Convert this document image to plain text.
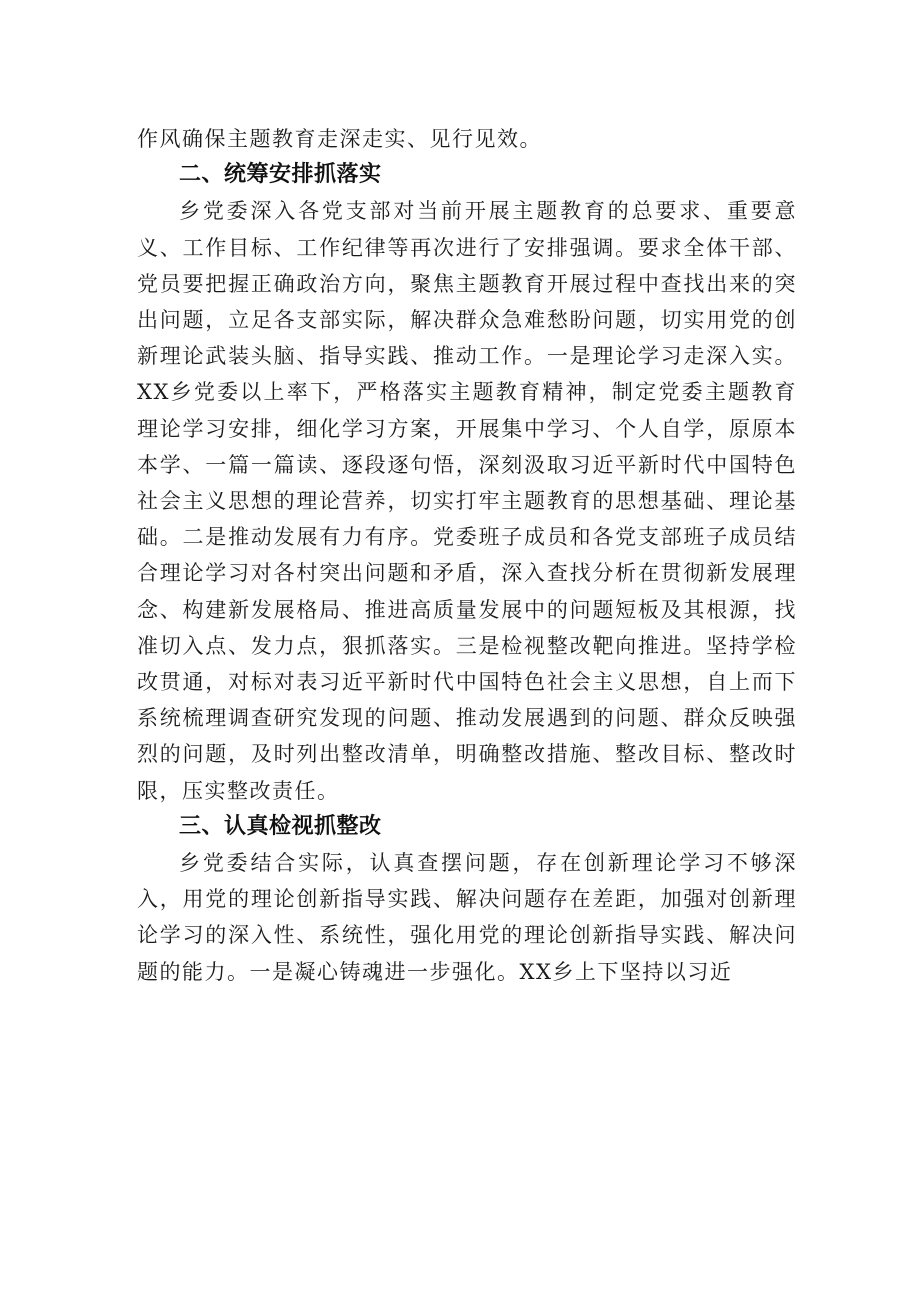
作风确保主题教育走深走实、见行见效。

二、统筹安排抓落实

乡党委深入各党支部对当前开展主题教育的总要求、重要意义、工作目标、工作纪律等再次进行了安排强调。要求全体干部、党员要把握正确政治方向，聚焦主题教育开展过程中查找出来的突出问题，立足各支部实际，解决群众急难愁盼问题，切实用党的创新理论武装头脑、指导实践、推动工作。一是理论学习走深入实。XX乡党委以上率下，严格落实主题教育精神，制定党委主题教育理论学习安排，细化学习方案，开展集中学习、个人自学，原原本本学、一篇一篇读、逐段逐句悟，深刻汲取习近平新时代中国特色社会主义思想的理论营养，切实打牢主题教育的思想基础、理论基础。二是推动发展有力有序。党委班子成员和各党支部班子成员结合理论学习对各村突出问题和矛盾，深入查找分析在贯彻新发展理念、构建新发展格局、推进高质量发展中的问题短板及其根源，找准切入点、发力点，狠抓落实。三是检视整改靶向推进。坚持学检改贯通，对标对表习近平新时代中国特色社会主义思想，自上而下系统梳理调查研究发现的问题、推动发展遇到的问题、群众反映强烈的问题，及时列出整改清单，明确整改措施、整改目标、整改时限，压实整改责任。

三、认真检视抓整改

乡党委结合实际，认真查摆问题，存在创新理论学习不够深入，用党的理论创新指导实践、解决问题存在差距，加强对创新理论学习的深入性、系统性，强化用党的理论创新指导实践、解决问题的能力。一是凝心铸魂进一步强化。XX乡上下坚持以习近
